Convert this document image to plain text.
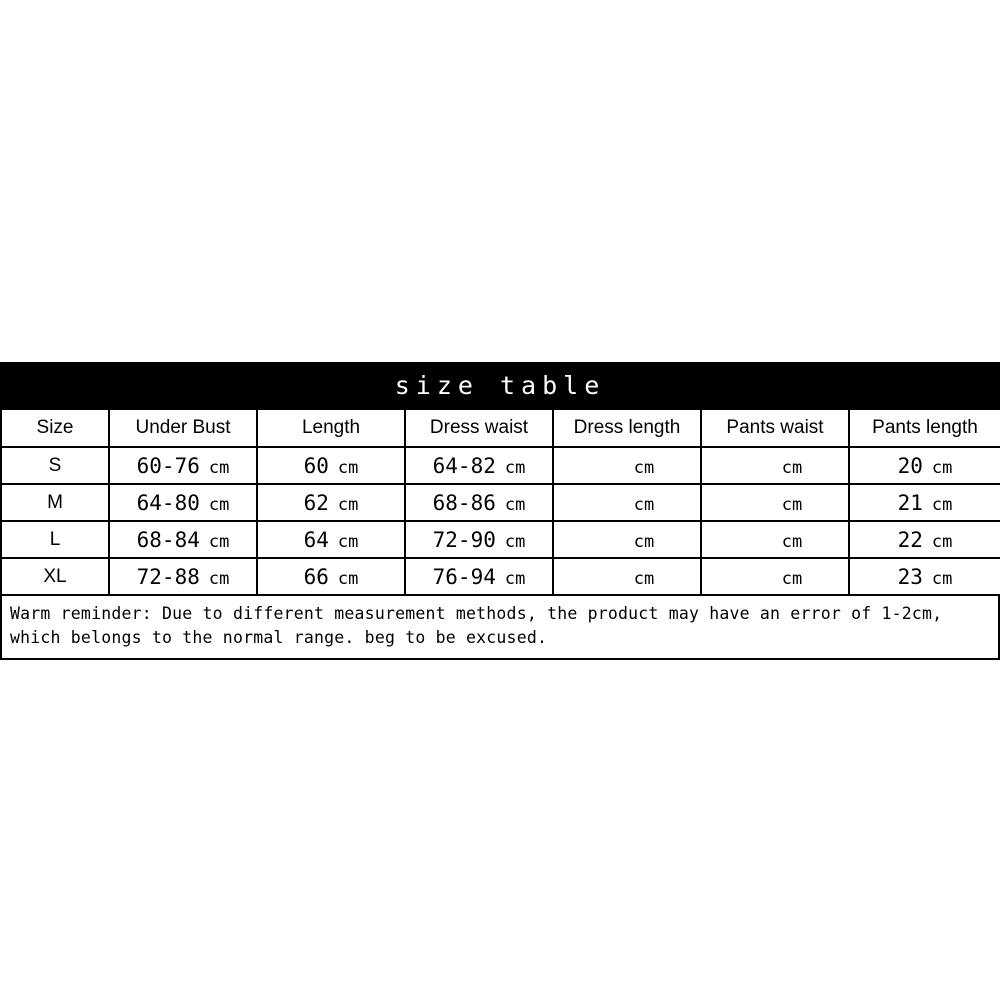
size table
Size	Under Bust	Length	Dress waist	Dress length	Pants waist	Pants length
S	60-76 cm	60 cm	64-82 cm	cm	cm	20 cm
M	64-80 cm	62 cm	68-86 cm	cm	cm	21 cm
L	68-84 cm	64 cm	72-90 cm	cm	cm	22 cm
XL	72-88 cm	66 cm	76-94 cm	cm	cm	23 cm
Warm reminder: Due to different measurement methods, the product may have an error of 1-2cm, which belongs to the normal range. beg to be excused.
